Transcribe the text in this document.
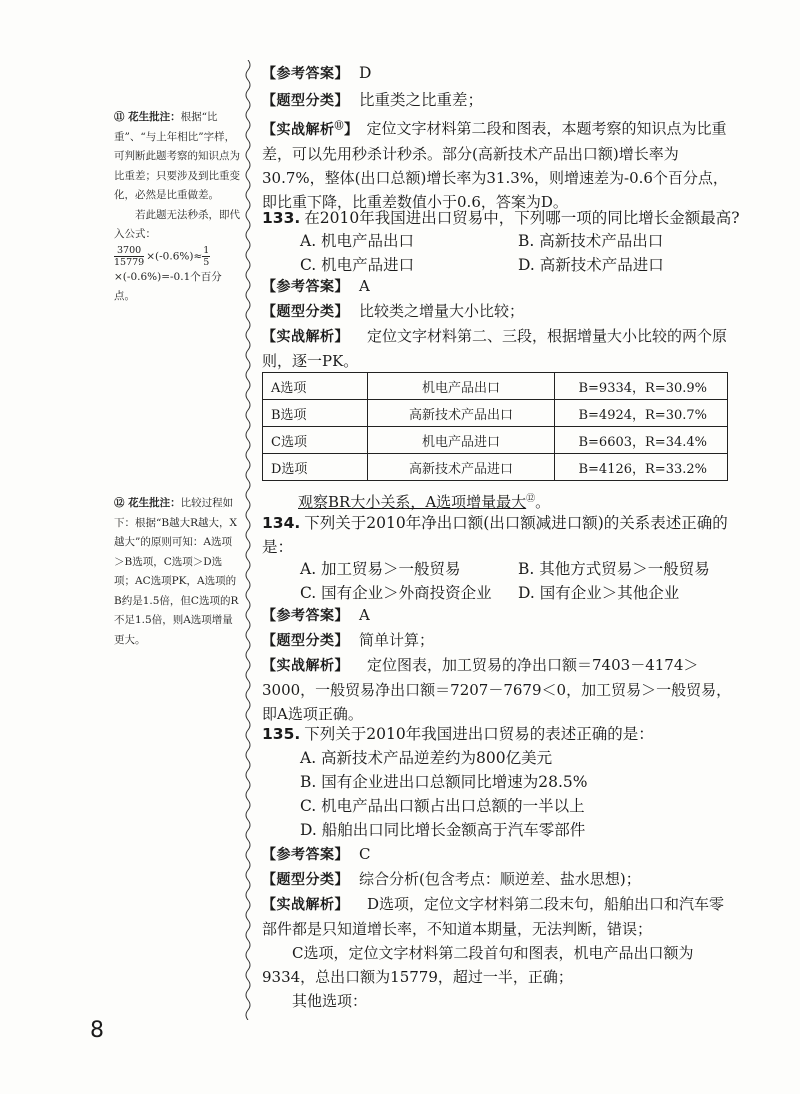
⑪ 花生批注：根据“比重”、“与上年相比”字样，可判断此题考察的知识点为比重差；只要涉及到比重变化，必然是比重做差。

若此题无法秒杀，即代入公式：

$\frac{3700}{15779} \times(-0.6\%)\approx \frac{1}{5}$
×(-0.6%)=-0.1个百分点。

⑫ 花生批注：比较过程如下：根据“B越大R越大，X越大”的原则可知：A选项＞B选项，C选项＞D选项；AC选项PK，A选项的B约是1.5倍，但C选项的R不足1.5倍，则A选项增量更大。

【参考答案】 D

【题型分类】 比重类之比重差；

【实战解析⑪】　 定位文字材料第二段和图表，本题考察的知识点为比重差，可以先用秒杀计秒杀。部分(高新技术产品出口额)增长率为30.7%，整体(出口总额)增长率为31.3%，则增速差为-0.6个百分点，即比重下降，比重差数值小于0.6，答案为D。

133. 在2010年我国进出口贸易中，下列哪一项的同比增长金额最高?
A. 机电产品出口	B. 高新技术产品出口
C. 机电产品进口	D. 高新技术产品进口

【参考答案】 A

【题型分类】 比较类之增量大小比较；

【实战解析】　 定位文字材料第二、三段，根据增量大小比较的两个原则，逐一PK。

A选项	机电产品出口	B=9334，R=30.9%
B选项	高新技术产品出口	B=4924，R=30.7%
C选项	机电产品进口	B=6603，R=34.4%
D选项	高新技术产品进口	B=4126，R=33.2%
观察BR大小关系，A选项增量最大⑫。
134. 下列关于2010年净出口额(出口额减进口额)的关系表述正确的是：
A. 加工贸易＞一般贸易	B. 其他方式贸易＞一般贸易
C. 国有企业＞外商投资企业 D. 国有企业＞其他企业

【参考答案】 A

【题型分类】 简单计算；

【实战解析】　 定位图表，加工贸易的净出口额＝7403－4174＞3000，一般贸易净出口额＝7207－7679＜0，加工贸易＞一般贸易，即A选项正确。

135. 下列关于2010年我国进出口贸易的表述正确的是：
A. 高新技术产品逆差约为800亿美元
B. 国有企业进出口总额同比增速为28.5%
C. 机电产品出口额占出口总额的一半以上
D. 船舶出口同比增长金额高于汽车零部件

【参考答案】 C

【题型分类】 综合分析(包含考点：顺逆差、盐水思想)；

【实战解析】　 D选项，定位文字材料第二段末句，船舶出口和汽车零部件都是只知道增长率，不知道本期量，无法判断，错误；

C选项，定位文字材料第二段首句和图表，机电产品出口额为9334，总出口额为15779，超过一半，正确；

其他选项：

8
